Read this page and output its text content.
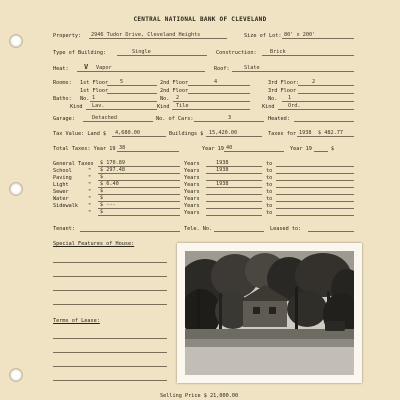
CENTRAL NATIONAL BANK OF CLEVELAND
Property: 2946 Tudor Drive, Cleveland Heights	Size of Lot: 80' x 200'
Type of Building:	Single	Construction:	Brick
Heat: V Vapor	Roof:	Slate
Rooms: 1st Floor 5	2nd Floor	4	3rd Floor: 2
1st Floor	2nd Floor	3rd Floor
Baths: No. 1	No. 2	No. 1
Kind Lav.	Kind Tile	Kind	Ord.
Garage:	Detached	No. of Cars:	3	Heated:
Tax Value: Land $ 4,680.00	Buildings $ 15,420.00	Taxes for 1938 $ 482.77
Total Taxes: Year 19 38	Year 19 40	Year 19	$
General Taxes $ 170.89	Years	1938	to
School	" $ 297.48	Years	1938	to
Paving	" $	Years	to
Light	" $ 6.40	Years	1938	to
Sewer	" $	Years	to
Water	" $	Years	to
Sidewalk " $ ---	Years	to
" $	Years	to
Tenant:	Tele. No.	Leased to:
Special Features of House:
Terms of Lease:
Selling Price $ 21,000.00
